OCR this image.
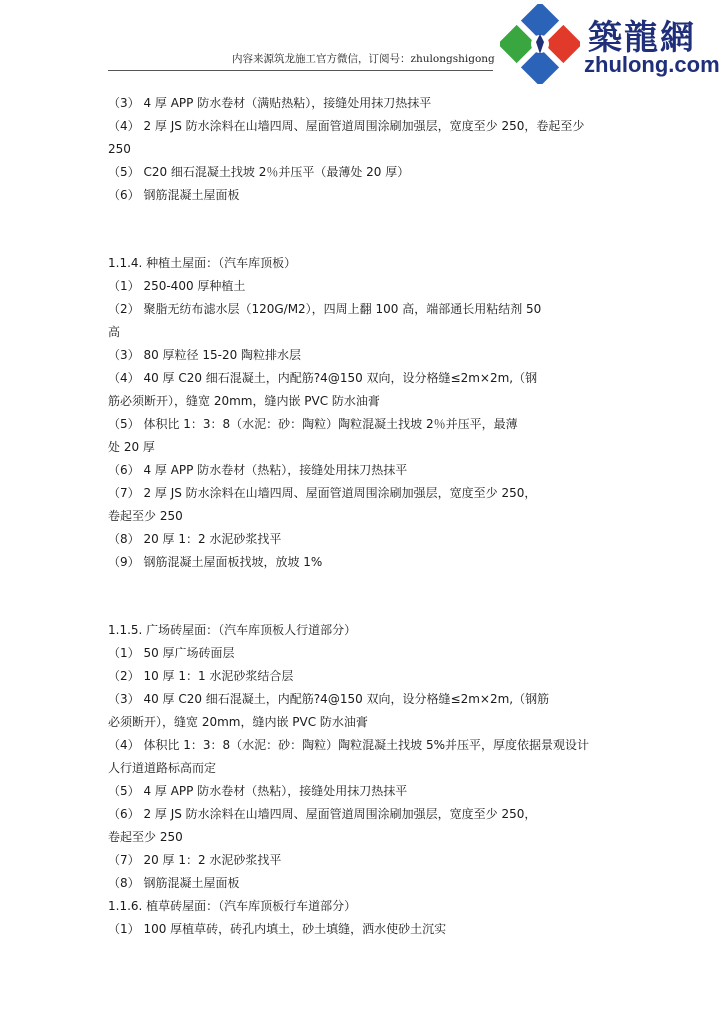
内容来源筑龙施工官方微信，订阅号：zhulongshigong
築龍網
zhulong.com
（3） 4 厚 APP 防水卷材（满贴热粘），接缝处用抹刀热抹平
（4） 2 厚 JS 防水涂料在山墙四周、屋面管道周围涂刷加强层，宽度至少 250，卷起至少
250
（5） C20 细石混凝土找坡 2％并压平（最薄处 20 厚）
（6） 钢筋混凝土屋面板
1.1.4. 种植土屋面：（汽车库顶板）
（1） 250-400 厚种植土
（2） 聚脂无纺布滤水层（120G/M2），四周上翻 100 高，端部通长用粘结剂 50
高
（3） 80 厚粒径 15-20 陶粒排水层
（4） 40 厚 C20 细石混凝土，内配筋?4@150 双向，设分格缝≤2m×2m,（钢
筋必须断开），缝宽 20mm，缝内嵌 PVC 防水油膏
（5） 体积比 1：3：8（水泥：砂：陶粒）陶粒混凝土找坡 2％并压平，最薄
处 20 厚
（6） 4 厚 APP 防水卷材（热粘），接缝处用抹刀热抹平
（7） 2 厚 JS 防水涂料在山墙四周、屋面管道周围涂刷加强层，宽度至少 250，
卷起至少 250
（8） 20 厚 1：2 水泥砂浆找平
（9） 钢筋混凝土屋面板找坡，放坡 1%
1.1.5. 广场砖屋面：（汽车库顶板人行道部分）
（1） 50 厚广场砖面层
（2） 10 厚 1：1 水泥砂浆结合层
（3） 40 厚 C20 细石混凝土，内配筋?4@150 双向，设分格缝≤2m×2m,（钢筋
必须断开），缝宽 20mm，缝内嵌 PVC 防水油膏
（4） 体积比 1：3：8（水泥：砂：陶粒）陶粒混凝土找坡 5%并压平，厚度依据景观设计
人行道道路标高而定
（5） 4 厚 APP 防水卷材（热粘），接缝处用抹刀热抹平
（6） 2 厚 JS 防水涂料在山墙四周、屋面管道周围涂刷加强层，宽度至少 250，
卷起至少 250
（7） 20 厚 1：2 水泥砂浆找平
（8） 钢筋混凝土屋面板
1.1.6. 植草砖屋面：（汽车库顶板行车道部分）
（1） 100 厚植草砖，砖孔内填土，砂土填缝，洒水使砂土沉实
